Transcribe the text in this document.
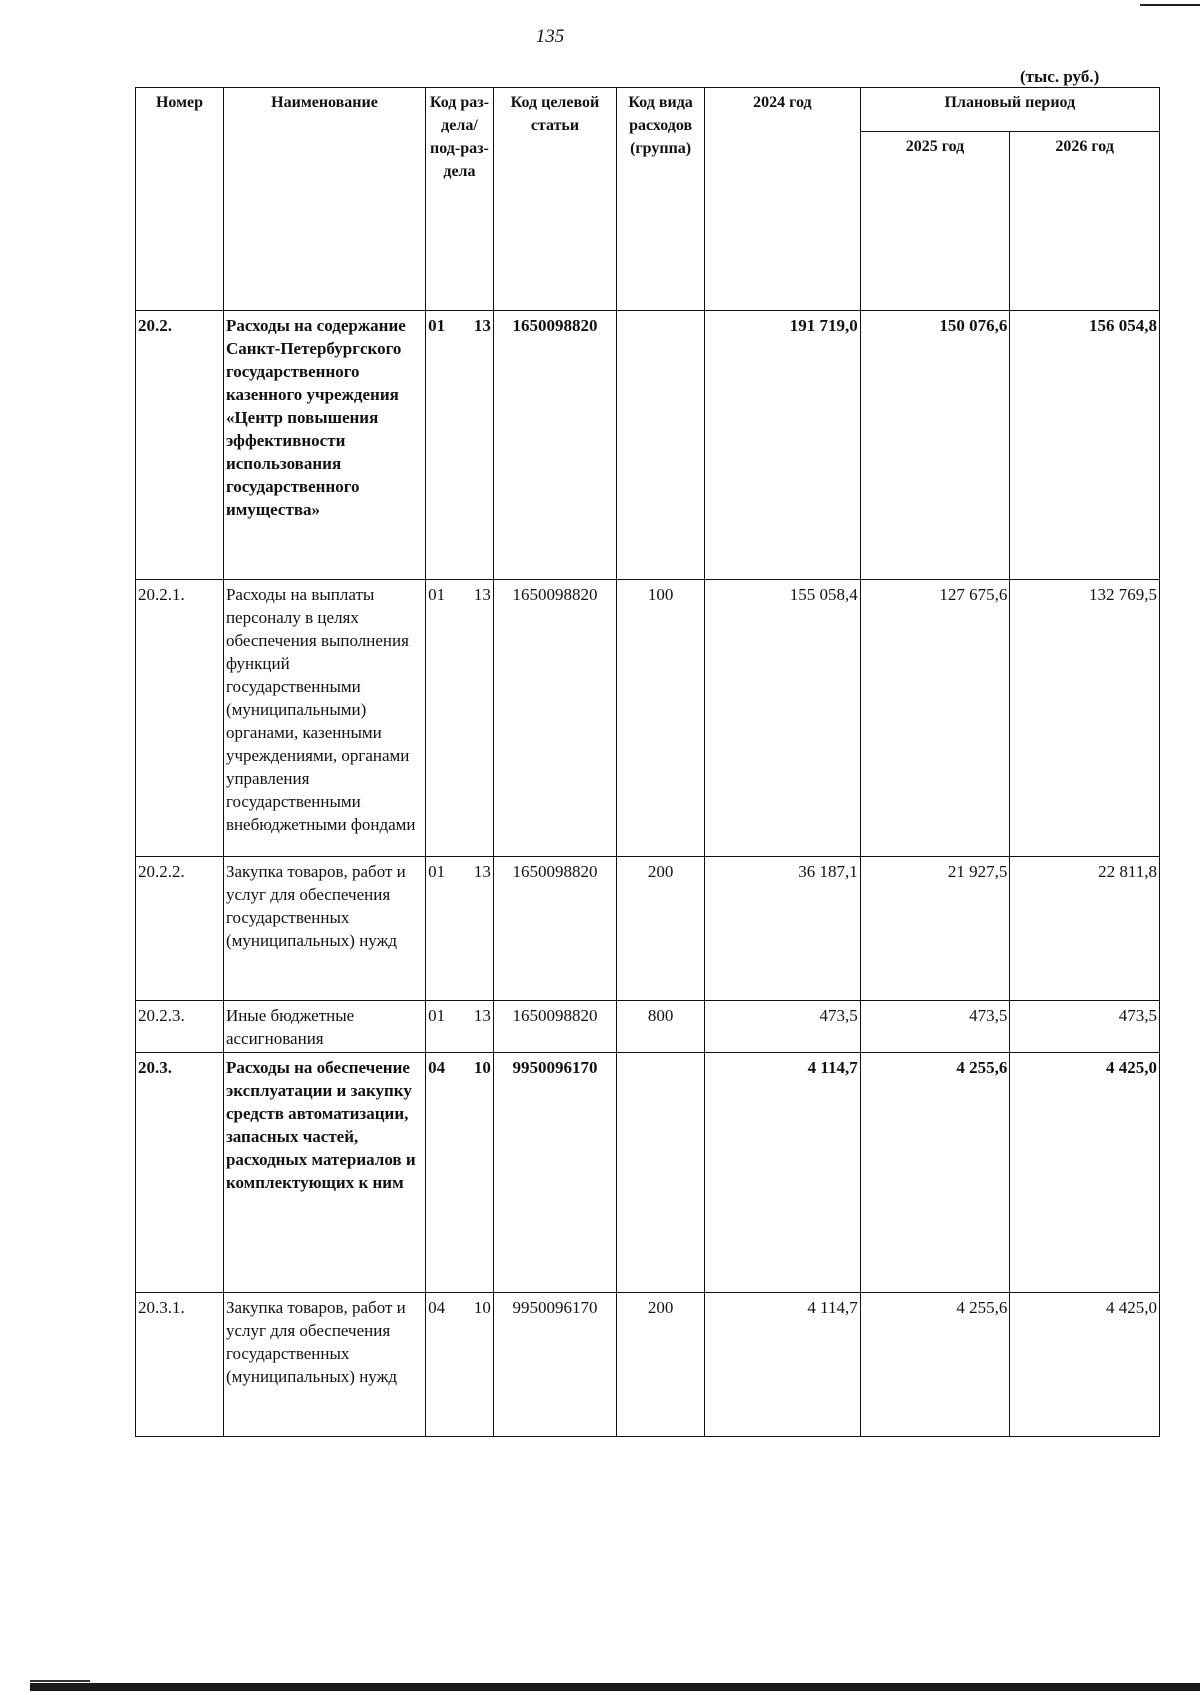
135
(тыс. руб.)
Номер	Наименование	Код раз-дела/ под-раз-дела	Код целевой статьи	Код вида расходов (группа)	2024 год	Плановый период	
						2025 год	2026 год
20.2.	Расходы на содержание Санкт-Петербургского государственного казенного учреждения «Центр повышения эффективности использования государственного имущества»	01 13	1650098820		191 719,0	150 076,6	156 054,8
20.2.1.	Расходы на выплаты персоналу в целях обеспечения выполнения функций государственными (муниципальными) органами, казенными учреждениями, органами управления государственными внебюджетными фондами	01 13	1650098820	100	155 058,4	127 675,6	132 769,5
20.2.2.	Закупка товаров, работ и услуг для обеспечения государственных (муниципальных) нужд	01 13	1650098820	200	36 187,1	21 927,5	22 811,8
20.2.3.	Иные бюджетные ассигнования	01 13	1650098820	800	473,5	473,5	473,5
20.3.	Расходы на обеспечение эксплуатации и закупку средств автоматизации, запасных частей, расходных материалов и комплектующих к ним	04 10	9950096170		4 114,7	4 255,6	4 425,0
20.3.1.	Закупка товаров, работ и услуг для обеспечения государственных (муниципальных) нужд	04 10	9950096170	200	4 114,7	4 255,6	4 425,0
